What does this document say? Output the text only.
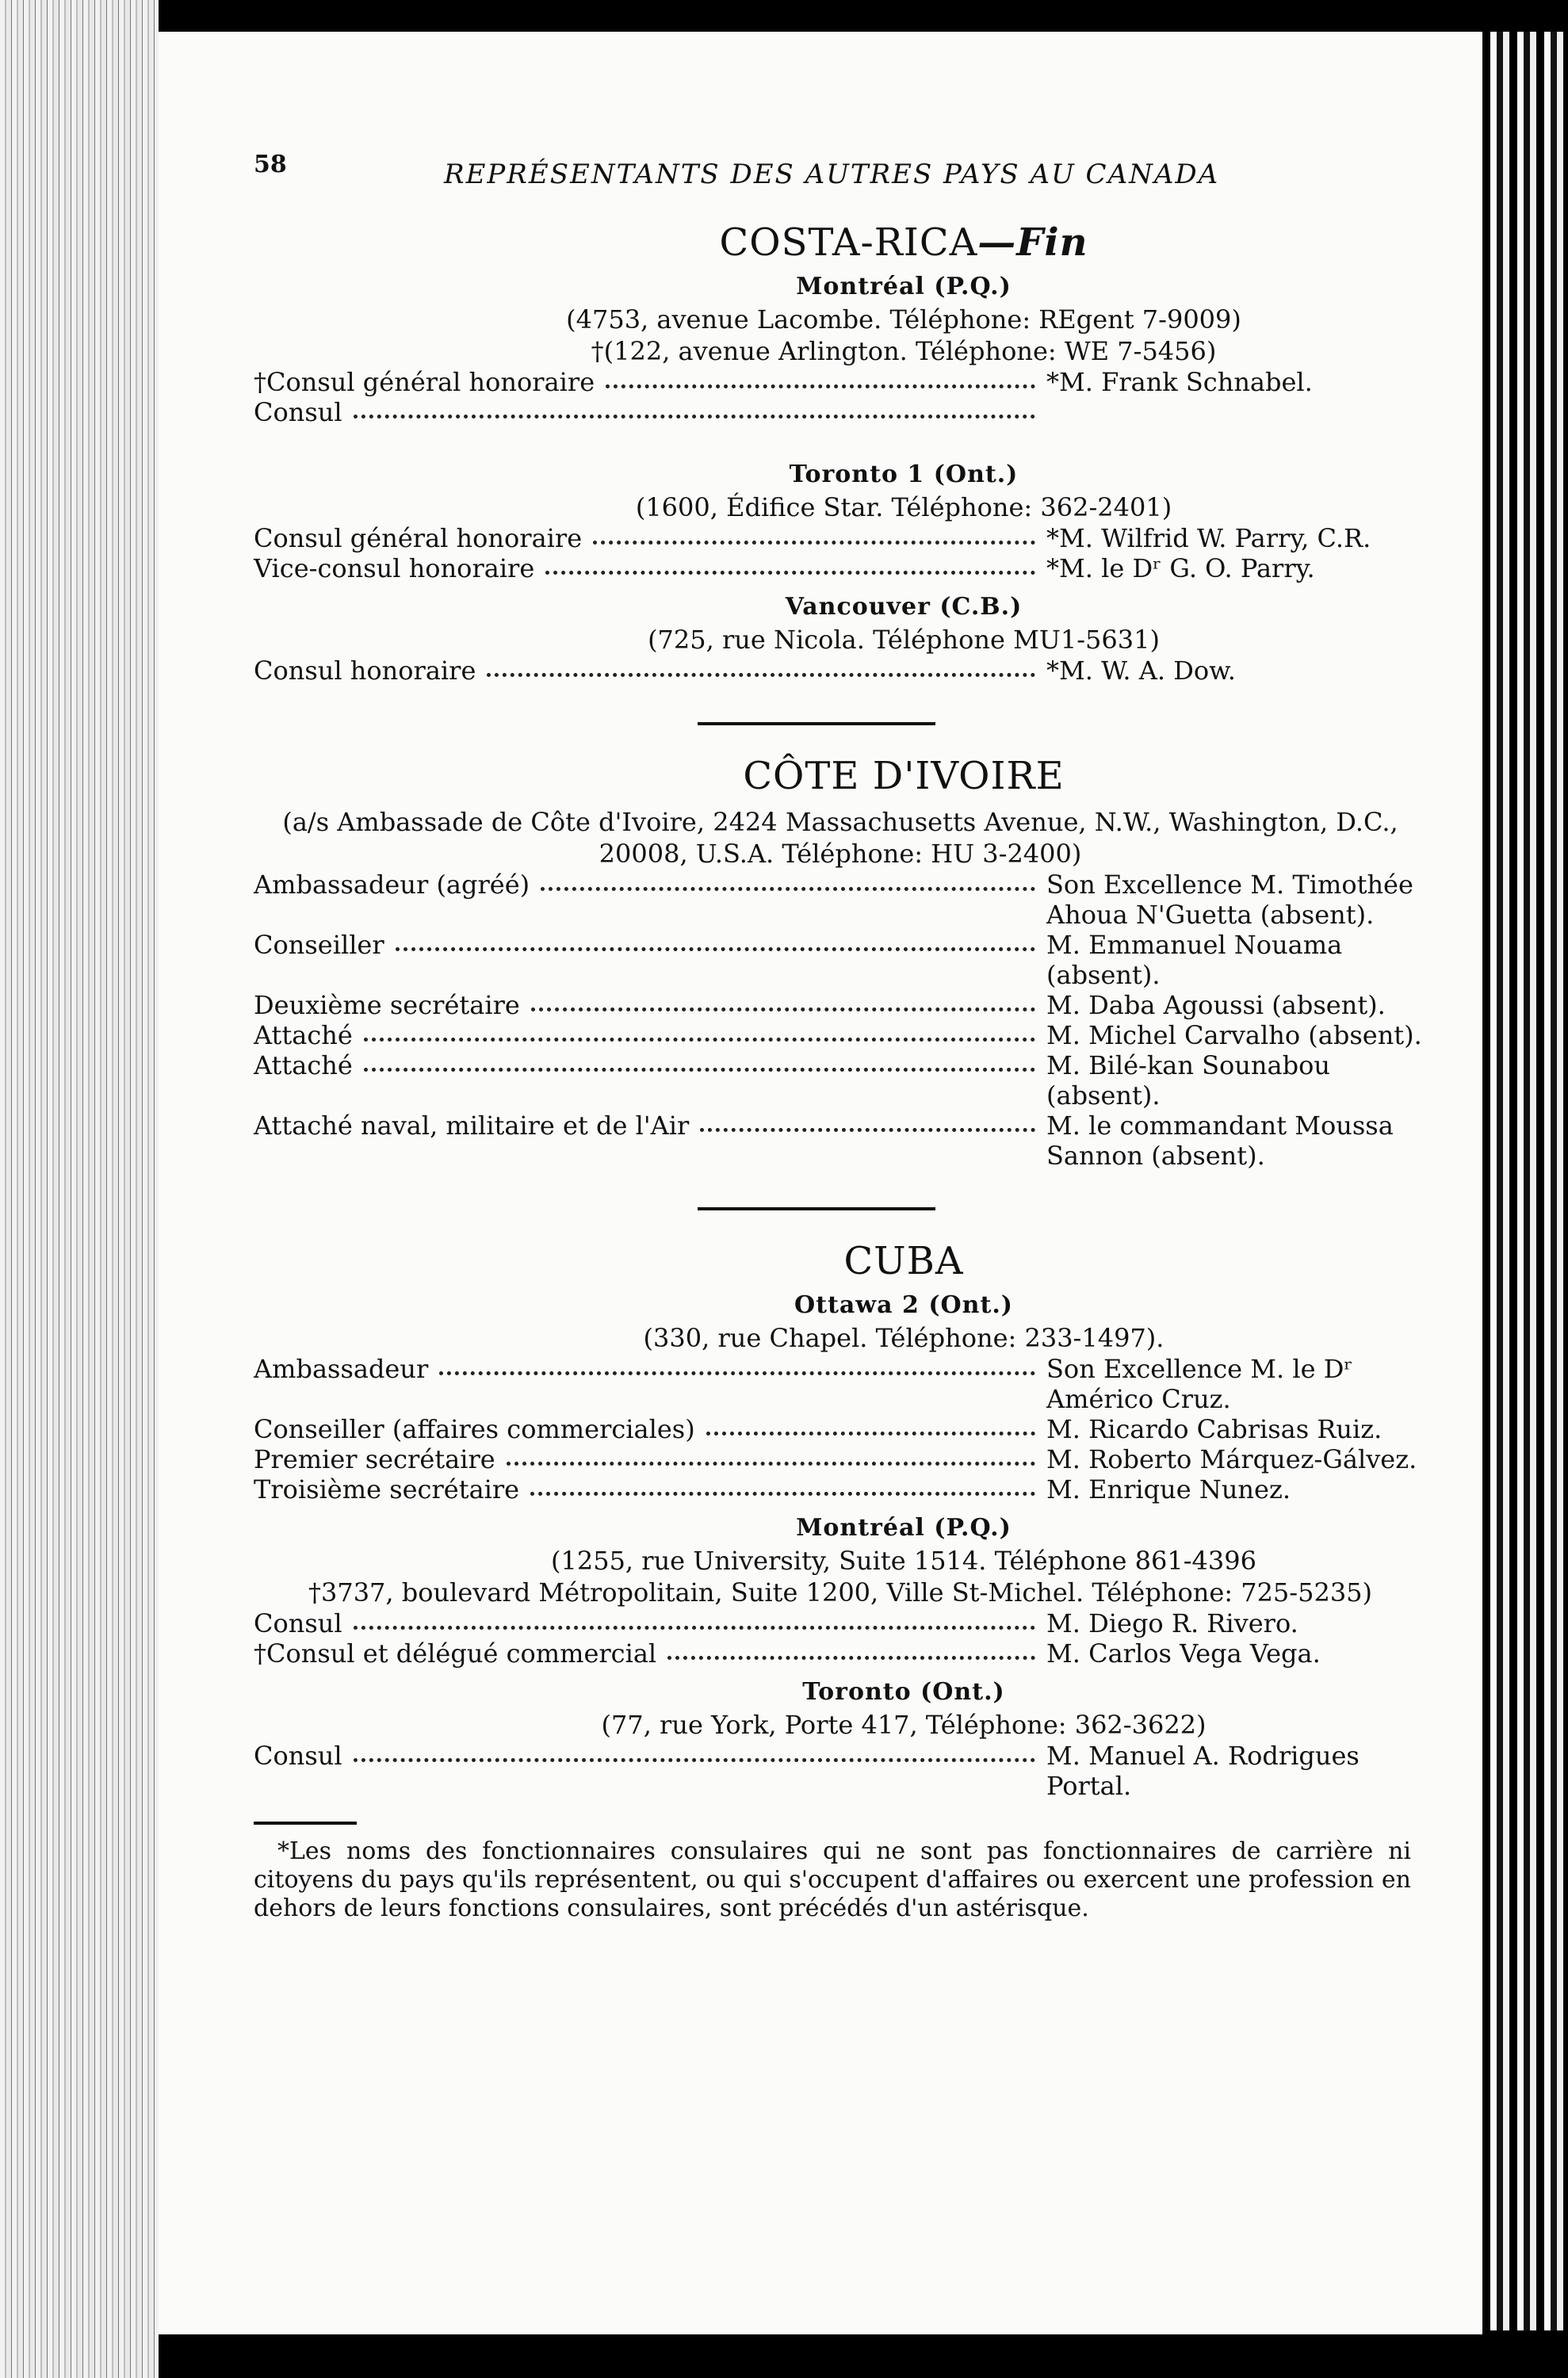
58	REPRÉSENTANTS DES AUTRES PAYS AU CANADA
COSTA-RICA—Fin
Montréal (P.Q.)
(4753, avenue Lacombe. Téléphone: REgent 7-9009)
†(122, avenue Arlington. Téléphone: WE 7-5456)
†Consul général honoraire	*M. Frank Schnabel.
Consul
Toronto 1 (Ont.)
(1600, Édifice Star. Téléphone: 362-2401)
Consul général honoraire	*M. Wilfrid W. Parry, C.R.
Vice-consul honoraire	*M. le Dʳ G. O. Parry.
Vancouver (C.B.)
(725, rue Nicola. Téléphone MU1-5631)
Consul honoraire	*M. W. A. Dow.
CÔTE D'IVOIRE
(a/s Ambassade de Côte d'Ivoire, 2424 Massachusetts Avenue, N.W., Washington, D.C.,
20008, U.S.A. Téléphone: HU 3-2400)
Ambassadeur (agréé)	Son Excellence M. Timothée
Ahoua N'Guetta (absent).
Conseiller	M. Emmanuel Nouama
(absent).
Deuxième secrétaire	M. Daba Agoussi (absent).
Attaché	M. Michel Carvalho (absent).
Attaché	M. Bilé-kan Sounabou (absent).
Attaché naval, militaire et de l'Air	M. le commandant Moussa
Sannon (absent).
CUBA
Ottawa 2 (Ont.)
(330, rue Chapel. Téléphone: 233-1497).
Ambassadeur	Son Excellence M. le Dʳ
Américo Cruz.
Conseiller (affaires commerciales)	M. Ricardo Cabrisas Ruiz.
Premier secrétaire	M. Roberto Márquez-Gálvez.
Troisième secrétaire	M. Enrique Nunez.
Montréal (P.Q.)
(1255, rue University, Suite 1514. Téléphone 861-4396
†3737, boulevard Métropolitain, Suite 1200, Ville St-Michel. Téléphone: 725-5235)
Consul	M. Diego R. Rivero.
†Consul et délégué commercial	M. Carlos Vega Vega.
Toronto (Ont.)
(77, rue York, Porte 417, Téléphone: 362-3622)
Consul	M. Manuel A. Rodrigues
Portal.
*Les noms des fonctionnaires consulaires qui ne sont pas fonctionnaires de carrière ni citoyens du pays qu'ils représentent, ou qui s'occupent d'affaires ou exercent une profession en dehors de leurs fonctions consulaires, sont précédés d'un astérisque.
